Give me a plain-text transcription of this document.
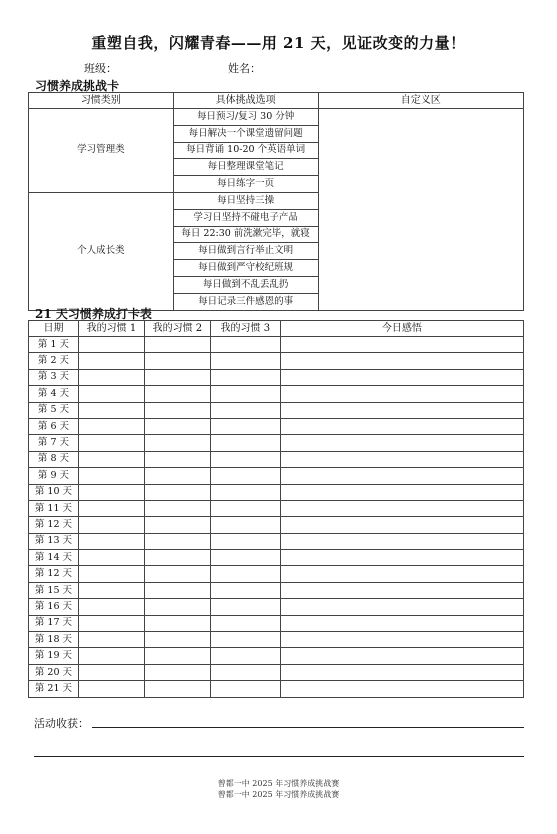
重塑自我，闪耀青春——用 21 天，见证改变的力量！
班级：	姓名：
习惯养成挑战卡
习惯类别	具体挑战选项	自定义区
学习管理类	每日预习/复习 30 分钟	
	每日解决一个课堂遗留问题	
	每日背诵 10-20 个英语单词	
	每日整理课堂笔记	
	每日练字一页	
个人成长类	每日坚持三操	
	学习日坚持不碰电子产品	
	每日 22:30 前洗漱完毕，就寝	
	每日做到言行举止文明	
	每日做到严守校纪班规	
	每日做到不乱丢乱扔	
	每日记录三件感恩的事	
21 天习惯养成打卡表
日期	我的习惯 1	我的习惯 2	我的习惯 3	今日感悟
第 1 天				
第 2 天				
第 3 天				
第 4 天				
第 5 天				
第 6 天				
第 7 天				
第 8 天				
第 9 天				
第 10 天				
第 11 天				
第 12 天				
第 13 天				
第 14 天				
第 12 天				
第 15 天				
第 16 天				
第 17 天				
第 18 天				
第 19 天				
第 20 天				
第 21 天				
活动收获：
曾都一中 2025 年习惯养成挑战赛
曾都一中 2025 年习惯养成挑战赛
